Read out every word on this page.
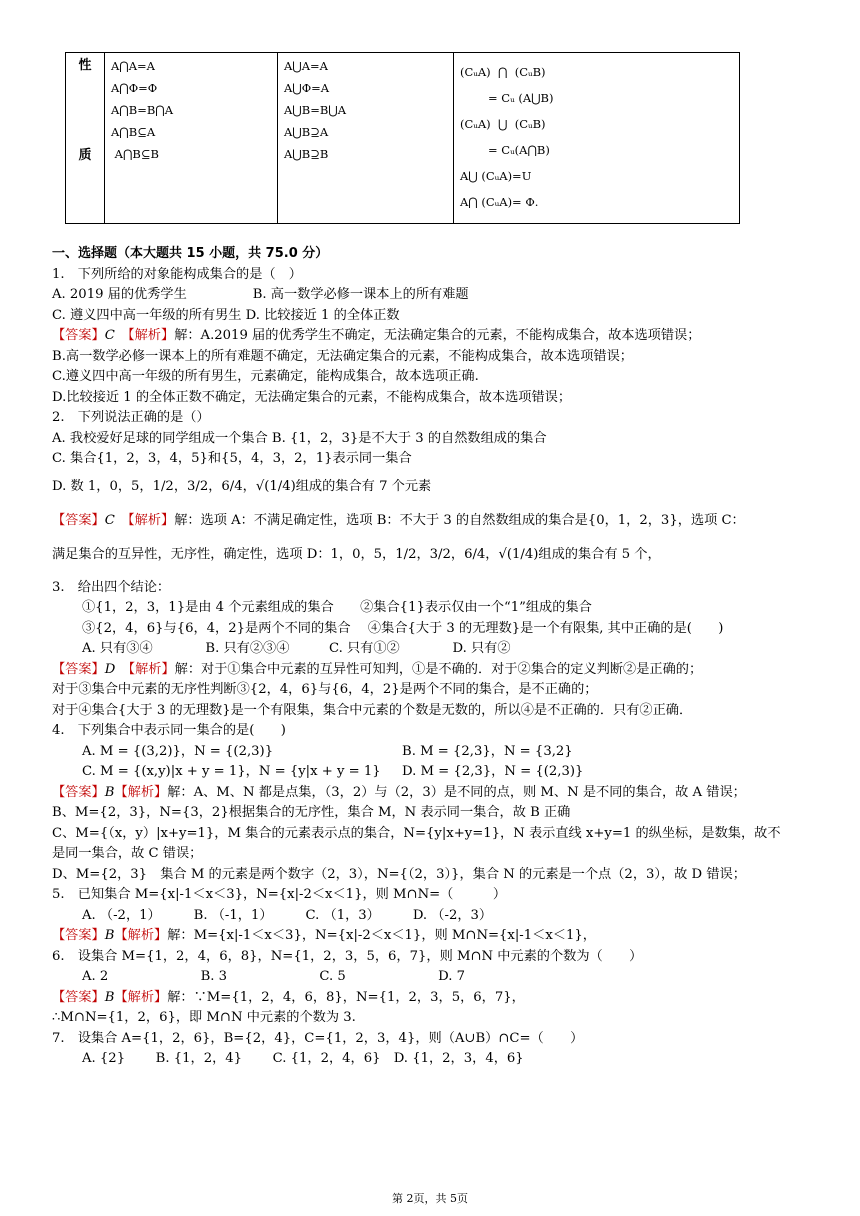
性
质

A⋂A=A
A⋂Φ=Φ
A⋂B=B⋂A
A⋂B⊆A
A⋂B⊆B

A⋃A=A
A⋃Φ=A
A⋃B=B⋃A
A⋃B⊇A
A⋃B⊇B

(CᵤA)  ⋂  (CᵤB)
= Cᵤ (A⋃B)
(CᵤA)  ⋃  (CᵤB)
= Cᵤ(A⋂B)
A⋃ (CᵤA)=U
A⋂ (CᵤA)= Φ.
一、选择题（本大题共 15 小题，共 75.0 分）
1.　下列所给的对象能构成集合的是（　）
A. 2019 届的优秀学生　　　　　B. 高一数学必修一课本上的所有难题
C. 遵义四中高一年级的所有男生 D. 比较接近 1 的全体正数
【答案】C　 【解析】解：A.2019 届的优秀学生不确定，无法确定集合的元素，不能构成集合，故本选项错误；
B.高一数学必修一课本上的所有难题不确定，无法确定集合的元素，不能构成集合，故本选项错误；
C.遵义四中高一年级的所有男生，元素确定，能构成集合，故本选项正确.
D.比较接近 1 的全体正数不确定，无法确定集合的元素，不能构成集合，故本选项错误；
2.　下列说法正确的是（）
A. 我校爱好足球的同学组成一个集合 B. {1，2，3}是不大于 3 的自然数组成的集合
C. 集合{1，2，3，4，5}和{5，4，3，2，1}表示同一集合
D. 数 1，0，5，1/2，3/2，6/4，√(1/4)组成的集合有 7 个元素
【答案】C　 【解析】解：选项 A：不满足确定性，选项 B：不大于 3 的自然数组成的集合是{0，1，2，3}，选项 C：
满足集合的互异性，无序性，确定性，选项 D：1，0，5，1/2，3/2，6/4，√(1/4)组成的集合有 5 个，
3.　给出四个结论：
①{1，2，3，1}是由 4 个元素组成的集合　　②集合{1}表示仅由一个“1”组成的集合
③{2，4，6}与{6，4，2}是两个不同的集合　 ④集合{大于 3 的无理数}是一个有限集, 其中正确的是(　　)
A. 只有③④　　　　B. 只有②③④　　　C. 只有①②　　　　D. 只有②
【答案】D　 【解析】解：对于①集合中元素的互异性可知判，①是不确的．对于②集合的定义判断②是正确的；
对于③集合中元素的无序性判断③{2，4，6}与{6，4，2}是两个不同的集合，是不正确的；
对于④集合{大于 3 的无理数}是一个有限集，集合中元素的个数是无数的，所以④是不正确的．只有②正确．
4.　下列集合中表示同一集合的是(　　)
A. M = {(3,2)}，N = {(2,3)}	B. M = {2,3}，N = {3,2}
C. M = {(x,y)|x + y = 1}，N = {y|x + y = 1} D. M = {2,3}，N = {(2,3)}
【答案】B【解析】解：A、M、N 都是点集，（3，2）与（2，3）是不同的点，则 M、N 是不同的集合，故 A 错误；
B、M={2，3}，N={3，2}根据集合的无序性，集合 M，N 表示同一集合，故 B 正确
C、M={（x，y）|x+y=1}，M 集合的元素表示点的集合，N={y|x+y=1}，N 表示直线 x+y=1 的纵坐标，是数集，故不
是同一集合，故 C 错误；
D、M={2，3}　集合 M 的元素是两个数字（2，3），N={（2，3）}，集合 N 的元素是一个点（2，3），故 D 错误；
5.　已知集合 M={x|-1＜x＜3}，N={x|-2＜x＜1}，则 M∩N=（　　　）
A. （-2，1）　　　B. （-1，1）　　　C. （1，3）　　　D. （-2，3）
【答案】B【解析】解：M={x|-1＜x＜3}，N={x|-2＜x＜1}，则 M∩N={x|-1＜x＜1}，
6.　设集合 M={1，2，4，6，8}，N={1，2，3，5，6，7}，则 M∩N 中元素的个数为（　　）
A. 2　　　　　　　B. 3　　　　　　　C. 5　　　　　　　D. 7
【答案】B【解析】解：∵M={1，2，4，6，8}，N={1，2，3，5，6，7}，
∴M∩N={1，2，6}，即 M∩N 中元素的个数为 3.
7.　设集合 A={1，2，6}，B={2，4}，C={1，2，3，4}，则（A∪B）∩C=（　　）
A. {2}　　 B. {1，2，4}　　 C. {1，2，4，6}　D. {1，2，3，4，6}
第 2页，共 5页
